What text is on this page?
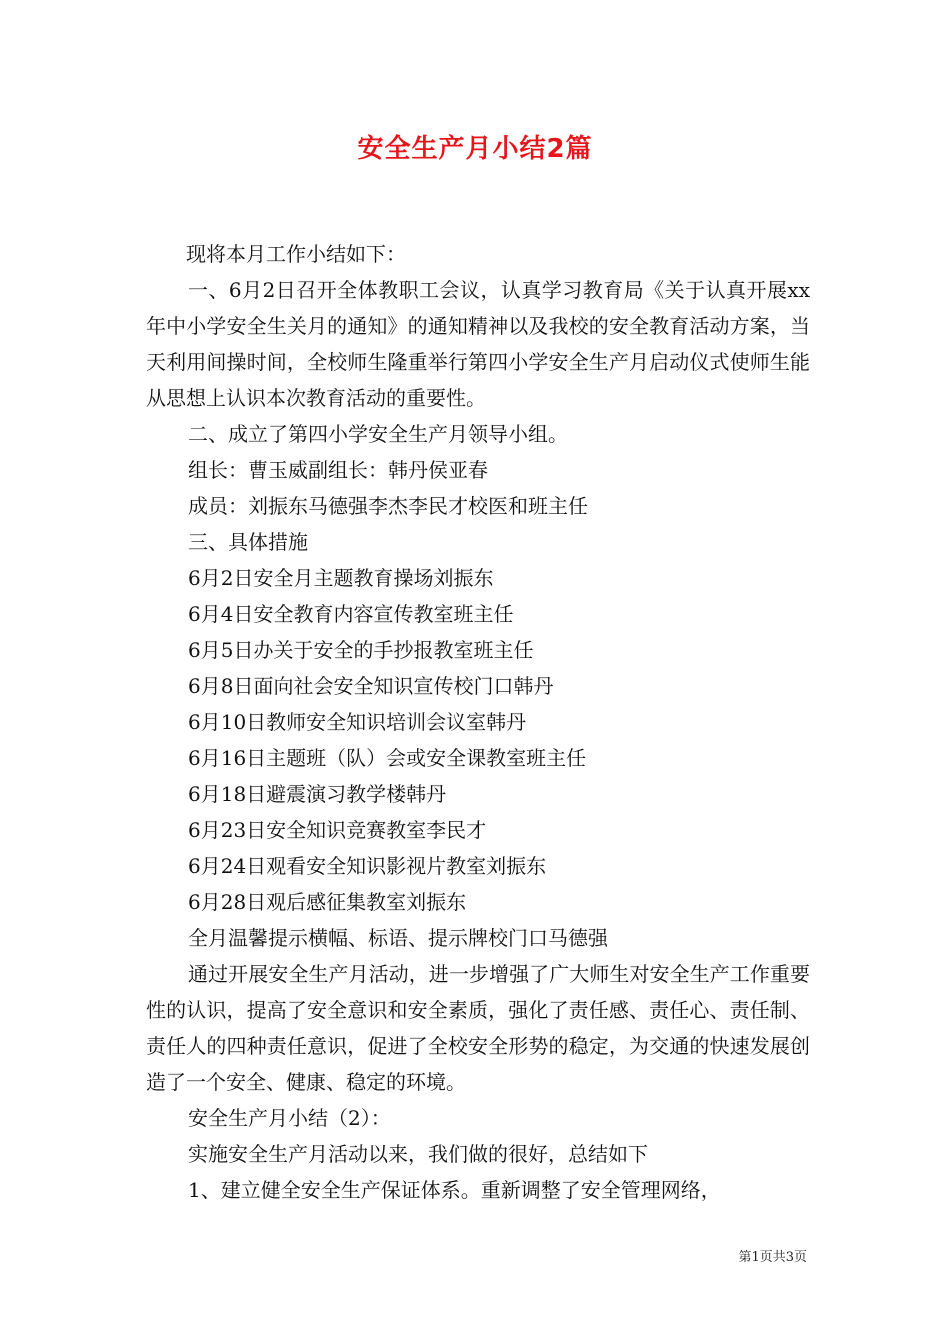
安全生产月小结2篇

现将本月工作小结如下：

一、6月2日召开全体教职工会议，认真学习教育局《关于认真开展xx年中小学安全生关月的通知》的通知精神以及我校的安全教育活动方案，当天利用间操时间，全校师生隆重举行第四小学安全生产月启动仪式使师生能从思想上认识本次教育活动的重要性。

二、成立了第四小学安全生产月领导小组。

组长：曹玉威副组长：韩丹侯亚春

成员：刘振东马德强李杰李民才校医和班主任

三、具体措施

6月2日安全月主题教育操场刘振东

6月4日安全教育内容宣传教室班主任

6月5日办关于安全的手抄报教室班主任

6月8日面向社会安全知识宣传校门口韩丹

6月10日教师安全知识培训会议室韩丹

6月16日主题班（队）会或安全课教室班主任

6月18日避震演习教学楼韩丹

6月23日安全知识竞赛教室李民才

6月24日观看安全知识影视片教室刘振东

6月28日观后感征集教室刘振东

全月温馨提示横幅、标语、提示牌校门口马德强

通过开展安全生产月活动，进一步增强了广大师生对安全生产工作重要性的认识，提高了安全意识和安全素质，强化了责任感、责任心、责任制、责任人的四种责任意识，促进了全校安全形势的稳定，为交通的快速发展创造了一个安全、健康、稳定的环境。

安全生产月小结（2）：

实施安全生产月活动以来，我们做的很好，总结如下

1、建立健全安全生产保证体系。重新调整了安全管理网络，

第1页共3页
